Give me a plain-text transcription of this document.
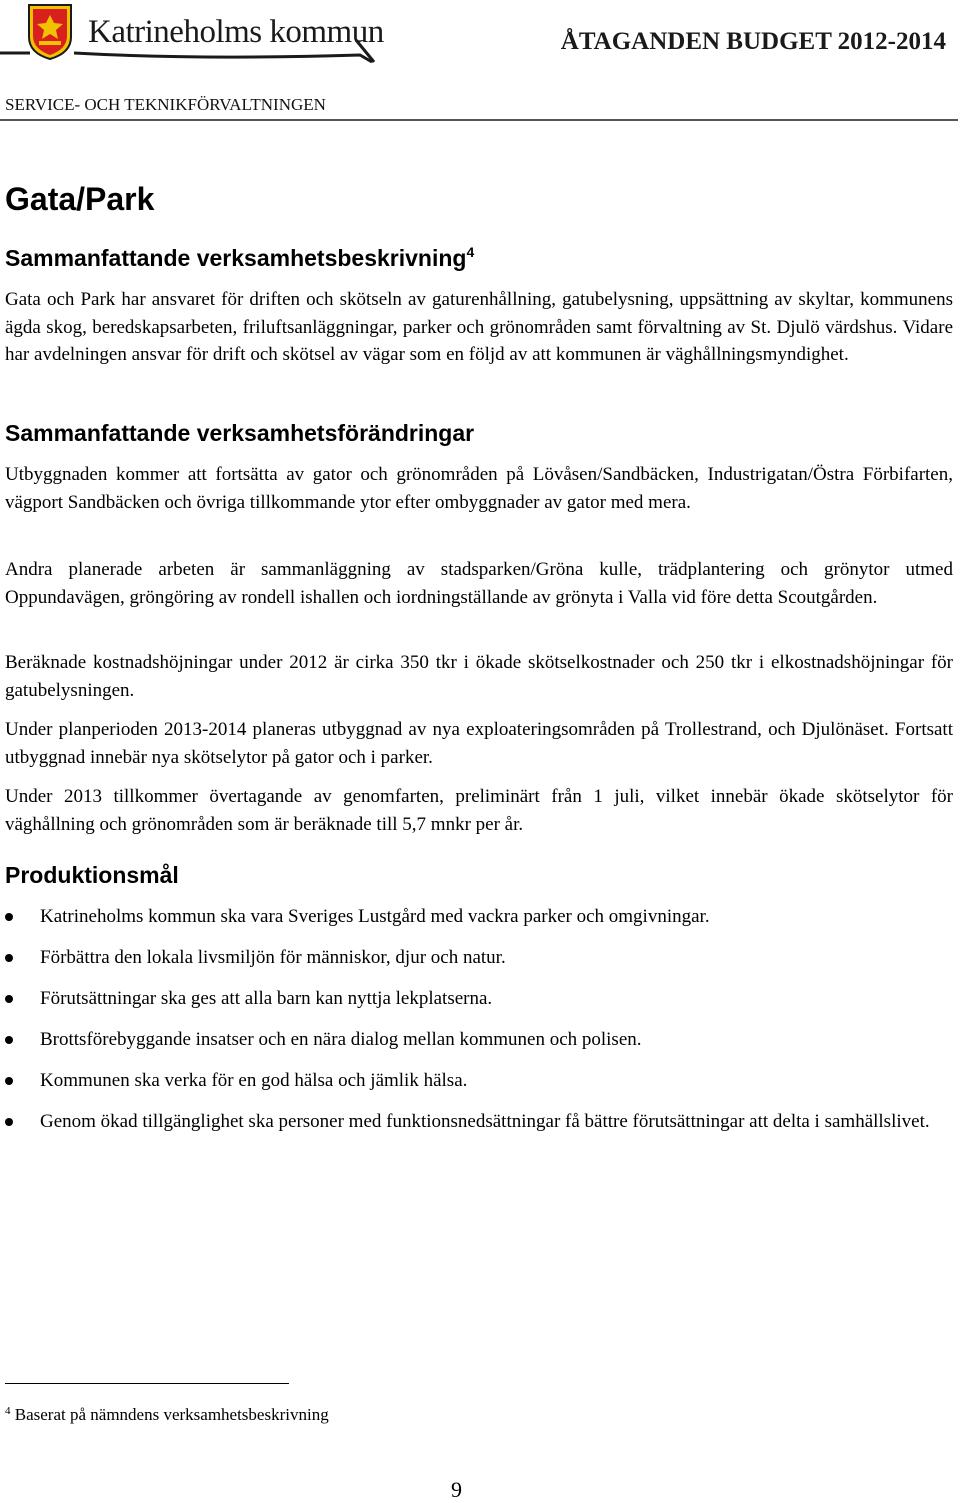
Katrineholms kommun	ÅTAGANDEN BUDGET 2012-2014
SERVICE- OCH TEKNIKFÖRVALTNINGEN
Gata/Park
Sammanfattande verksamhetsbeskrivning$^4$

Gata och Park har ansvaret för driften och skötseln av gaturenhållning, gatubelysning, uppsättning av skyltar, kommunens ägda skog, beredskapsarbeten, friluftsanläggningar, parker och grönområden samt förvaltning av St. Djulö värdshus. Vidare har avdelningen ansvar för drift och skötsel av vägar som en följd av att kommunen är väghållningsmyndighet.

Sammanfattande verksamhetsförändringar

Utbyggnaden kommer att fortsätta av gator och grönområden på Lövåsen/Sandbäcken, Industrigatan/Östra Förbifarten, vägport Sandbäcken och övriga tillkommande ytor efter ombyggnader av gator med mera.

Andra planerade arbeten är sammanläggning av stadsparken/Gröna kulle, trädplantering och grönytor utmed Oppundavägen, gröngöring av rondell ishallen och iordningställande av grönyta i Valla vid före detta Scoutgården.

Beräknade kostnadshöjningar under 2012 är cirka 350 tkr i ökade skötselkostnader och 250 tkr i elkostnadshöjningar för gatubelysningen.

Under planperioden 2013-2014 planeras utbyggnad av nya exploateringsområden på Trollestrand, och Djulönäset. Fortsatt utbyggnad innebär nya skötselytor på gator och i parker.

Under 2013 tillkommer övertagande av genomfarten, preliminärt från 1 juli, vilket innebär ökade skötselytor för väghållning och grönområden som är beräknade till 5,7 mnkr per år.

Produktionsmål
Katrineholms kommun ska vara Sveriges Lustgård med vackra parker och omgivningar.
Förbättra den lokala livsmiljön för människor, djur och natur.
Förutsättningar ska ges att alla barn kan nyttja lekplatserna.
Brottsförebyggande insatser och en nära dialog mellan kommunen och polisen.
Kommunen ska verka för en god hälsa och jämlik hälsa.
Genom ökad tillgänglighet ska personer med funktionsnedsättningar få bättre förutsättningar att delta i samhällslivet.
$^4$ Baserat på nämndens verksamhetsbeskrivning
9
